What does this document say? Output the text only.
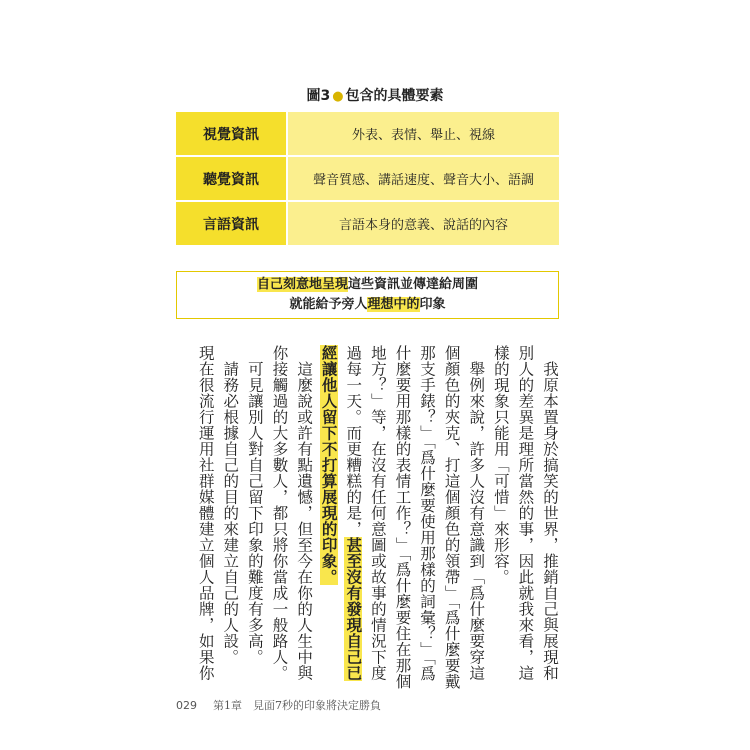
圖3 ● 包含的具體要素
視覺資訊	外表、表情、舉止、視線
聽覺資訊	聲音質感、講話速度、聲音大小、語調
言語資訊	言語本身的意義、說話的內容
自己刻意地呈現這些資訊並傳達給周圍
就能給予旁人理想中的印象

　我原本置身於搞笑的世界，推銷自己與展現和別人的差異是理所當然的事，因此就我來看，這樣的現象只能用「可惜」來形容。

　舉例來說，許多人沒有意識到「爲什麼要穿這個顏色的夾克、打這個顏色的領帶」「爲什麼要戴那支手錶？」「爲什麼要使用那樣的詞彙？」「爲什麼要用那樣的表情工作？」「爲什麼要住在那個地方？」等，在沒有任何意圖或故事的情況下度過每一天。而更糟糕的是，甚至沒有發現自己已經讓他人留下不打算展現的印象。

　這麼說或許有點遺憾，但至今在你的人生中與你接觸過的大多數人，都只將你當成一般路人。

　可見讓別人對自己留下印象的難度有多高。

　請務必根據自己的目的來建立自己的人設。

現在很流行運用社群媒體建立個人品牌，如果你

029 第1章　見面7秒的印象將決定勝負
